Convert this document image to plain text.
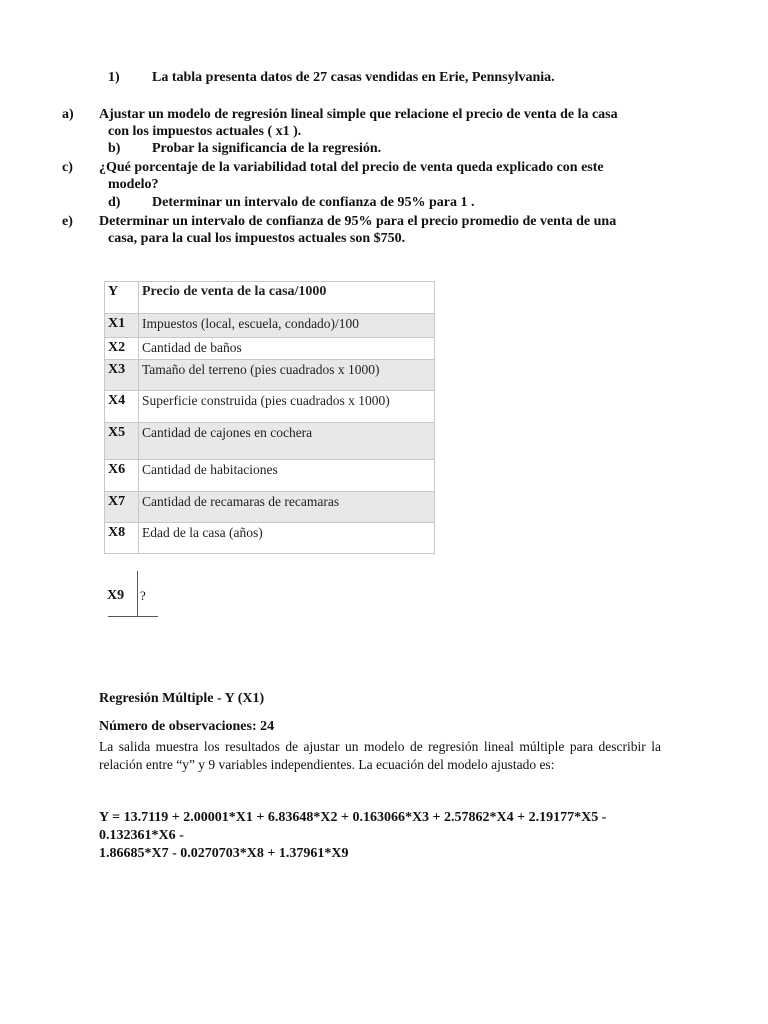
1) La tabla presenta datos de 27 casas vendidas en Erie, Pennsylvania.
a) Ajustar un modelo de regresión lineal simple que relacione el precio de venta de la casa
con los impuestos actuales ( x1 ).
b) Probar la significancia de la regresión.
c) ¿Qué porcentaje de la variabilidad total del precio de venta queda explicado con este
modelo?
d) Determinar un intervalo de confianza de 95% para 1 .
e) Determinar un intervalo de confianza de 95% para el precio promedio de venta de una
casa, para la cual los impuestos actuales son $750.
Y	Precio de venta de la casa/1000
X1	Impuestos (local, escuela, condado)/100
X2	Cantidad de baños
X3	Tamaño del terreno (pies cuadrados x 1000)
X4	Superficie construida (pies cuadrados x 1000)
X5	Cantidad de cajones en cochera
X6	Cantidad de habitaciones
X7	Cantidad de recamaras de recamaras
X8	Edad de la casa (años)
X9 ?
Regresión Múltiple - Y (X1)
Número de observaciones: 24
La salida muestra los resultados de ajustar un modelo de regresión lineal múltiple para describir la relación entre “y” y 9 variables independientes. La ecuación del modelo ajustado es:
Y = 13.7119 + 2.00001*X1 + 6.83648*X2 + 0.163066*X3 + 2.57862*X4 + 2.19177*X5 -
0.132361*X6 -
1.86685*X7 - 0.0270703*X8 + 1.37961*X9
